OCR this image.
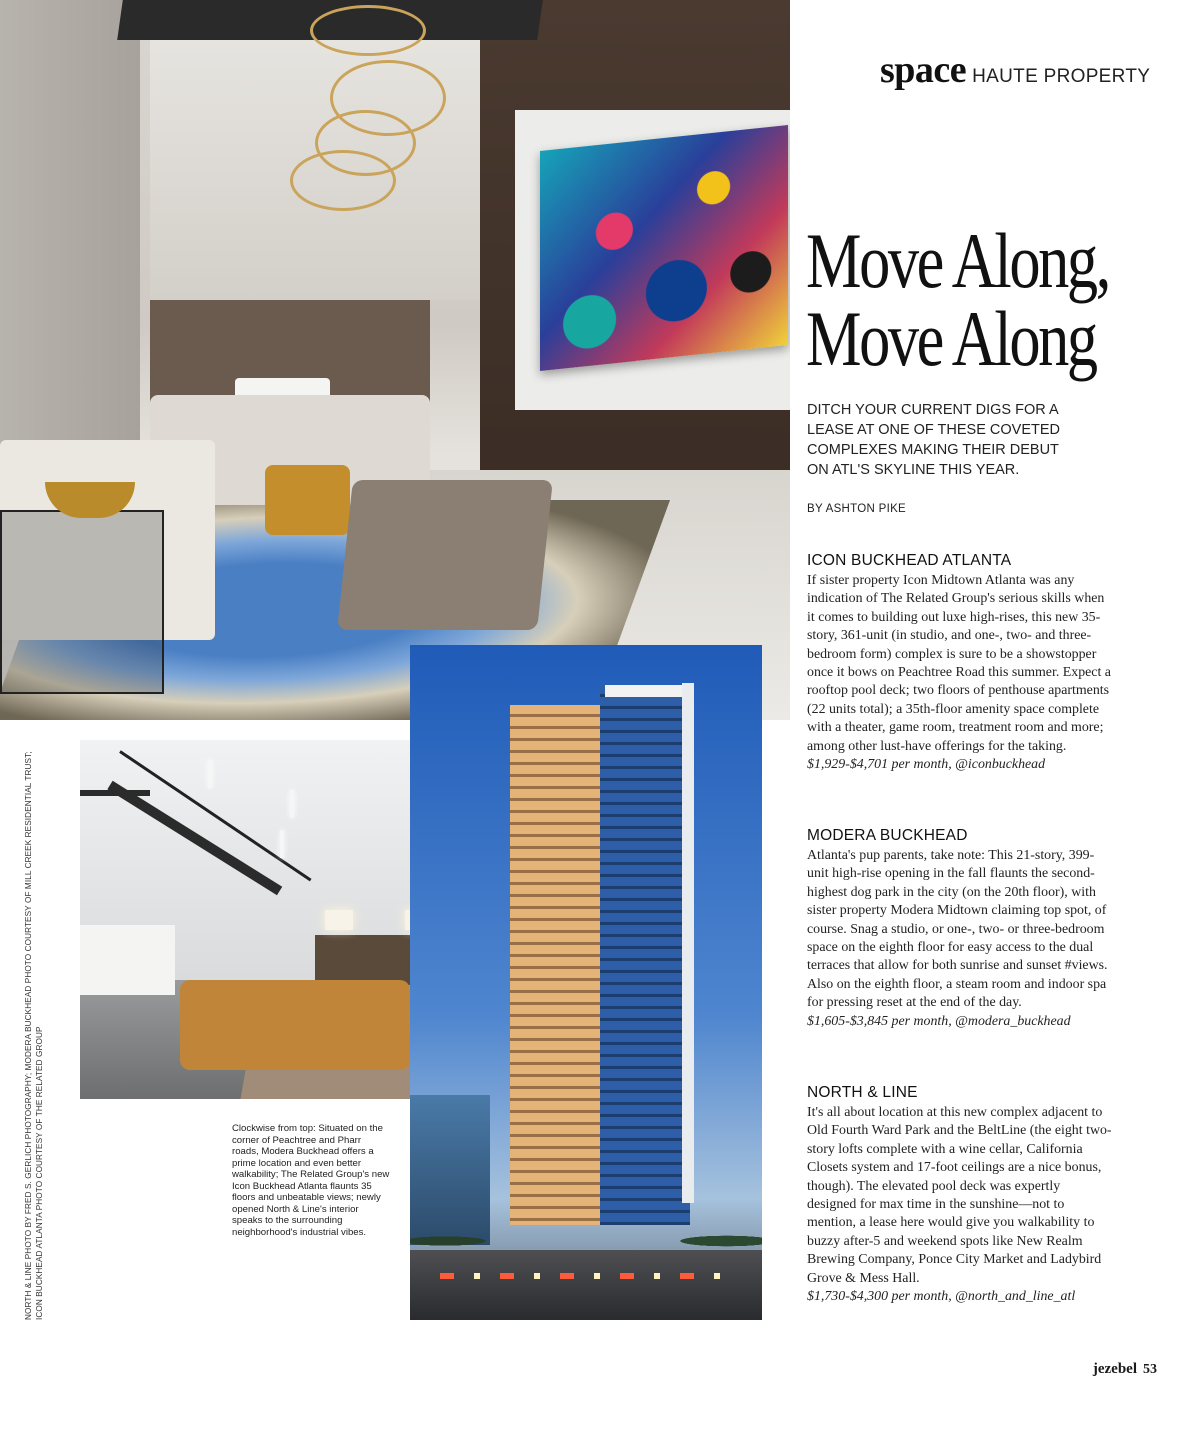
space HAUTE PROPERTY
Move Along,
Move Along
DITCH YOUR CURRENT DIGS FOR A LEASE AT ONE OF THESE COVETED COMPLEXES MAKING THEIR DEBUT ON ATL'S SKYLINE THIS YEAR.
BY ASHTON PIKE
ICON BUCKHEAD ATLANTA

If sister property Icon Midtown Atlanta was any indication of The Related Group's serious skills when it comes to building out luxe high-rises, this new 35-story, 361-unit (in studio, and one-, two- and three-bedroom form) complex is sure to be a showstopper once it bows on Peachtree Road this summer. Expect a rooftop pool deck; two floors of penthouse apartments (22 units total); a 35th-floor amenity space complete with a theater, game room, treatment room and more; among other lust-have offerings for the taking.
$1,929-$4,701 per month, @iconbuckhead

MODERA BUCKHEAD

Atlanta's pup parents, take note: This 21-story, 399-unit high-rise opening in the fall flaunts the second-highest dog park in the city (on the 20th floor), with sister property Modera Midtown claiming top spot, of course. Snag a studio, or one-, two- or three-bedroom space on the eighth floor for easy access to the dual terraces that allow for both sunrise and sunset #views. Also on the eighth floor, a steam room and indoor spa for pressing reset at the end of the day.
$1,605-$3,845 per month, @modera_buckhead

NORTH & LINE

It's all about location at this new complex adjacent to Old Fourth Ward Park and the BeltLine (the eight two-story lofts complete with a wine cellar, California Closets system and 17-foot ceilings are a nice bonus, though). The elevated pool deck was expertly designed for max time in the sunshine—not to mention, a lease here would give you walkability to buzzy after-5 and weekend spots like New Realm Brewing Company, Ponce City Market and Ladybird Grove & Mess Hall.
$1,730-$4,300 per month, @north_and_line_atl

Clockwise from top: Situated on the corner of Peachtree and Pharr roads, Modera Buckhead offers a prime location and even better walkability; The Related Group's new Icon Buckhead Atlanta flaunts 35 floors and unbeatable views; newly opened North & Line's interior speaks to the surrounding neighborhood's industrial vibes.
NORTH & LINE PHOTO BY FRED S. GERLICH PHOTOGRAPHY; MODERA BUCKHEAD PHOTO COURTESY OF MILL CREEK RESIDENTIAL TRUST; ICON BUCKHEAD ATLANTA PHOTO COURTESY OF THE RELATED GROUP
jezebel 53
